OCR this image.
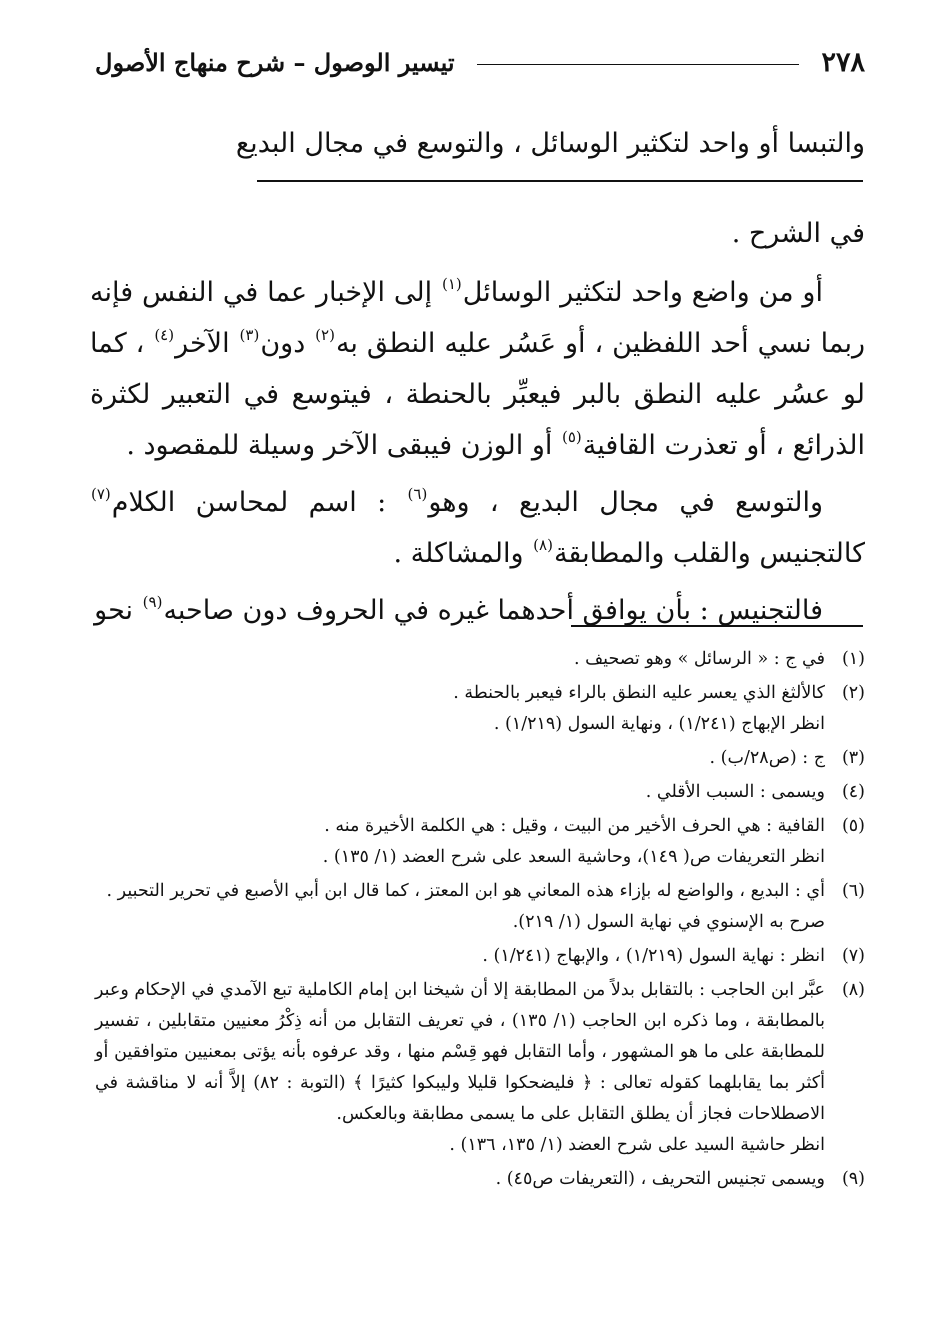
٢٧٨
تيسير الوصول – شرح منهاج الأصول
والتبسا أو واحد لتكثير الوسائل ، والتوسع في مجال البديع

في الشرح .

أو من واضع واحد لتكثير الوسائل$^{(١)}$ إلى الإخبار عما في النفس فإنه ربما نسي أحد اللفظين ، أو عَسُر عليه النطق به$^{(٢)}$ دون$^{(٣)}$ الآخر$^{(٤)}$ ، كما لو عسُر عليه النطق بالبر فيعبِّر بالحنطة ، فيتوسع في التعبير لكثرة الذرائع ، أو تعذرت القافية$^{(٥)}$ أو الوزن فيبقى الآخر وسيلة للمقصود .

والتوسع في مجال البديع ، وهو$^{(٦)}$ : اسم لمحاسن الكلام$^{(٧)}$ كالتجنيس والقلب والمطابقة$^{(٨)}$ والمشاكلة .

فالتجنيس : بأن يوافق أحدهما غيره في الحروف دون صاحبه$^{(٩)}$ نحو

(١)
في ج : « الرسائل » وهو تصحيف .
(٢)
كالألثغ الذي يعسر عليه النطق بالراء فيعبر بالحنطة .
انظر الإبهاج (١/٢٤١) ، ونهاية السول (١/٢١٩) .
(٣)
ج : (ص٢٨/ب) .
(٤)
ويسمى : السبب الأقلي .
(٥)
القافية : هي الحرف الأخير من البيت ، وقيل : هي الكلمة الأخيرة منه .
انظر التعريفات ص( ١٤٩)، وحاشية السعد على شرح العضد (١/ ١٣٥) .
(٦)
أي : البديع ، والواضع له بإزاء هذه المعاني هو ابن المعتز ، كما قال ابن أبي الأصبع في تحرير التحبير .
صرح به الإسنوي في نهاية السول (١/ ٢١٩).
(٧)
انظر : نهاية السول (١/٢١٩) ، والإبهاج (١/٢٤١) .
(٨)
عبَّر ابن الحاجب : بالتقابل بدلاً من المطابقة إلا أن شيخنا ابن إمام الكاملية تبع الآمدي في الإحكام وعبر بالمطابقة ، وما ذكره ابن الحاجب (١/ ١٣٥) ، في تعريف التقابل من أنه ذِكْرُ معنيين متقابلين ، تفسير للمطابقة على ما هو المشهور ، وأما التقابل فهو قِسْم منها ، وقد عرفوه بأنه يؤتى بمعنيين متوافقين أو أكثر بما يقابلهما كقوله تعالى : ﴿ فليضحكوا قليلا وليبكوا كثيرًا ﴾ (التوبة : ٨٢) إلاَّ أنه لا مناقشة في الاصطلاحات فجاز أن يطلق التقابل على ما يسمى مطابقة وبالعكس.
انظر حاشية السيد على شرح العضد (١/ ١٣٥، ١٣٦) .
(٩)
ويسمى تجنيس التحريف ، (التعريفات ص٤٥) .
